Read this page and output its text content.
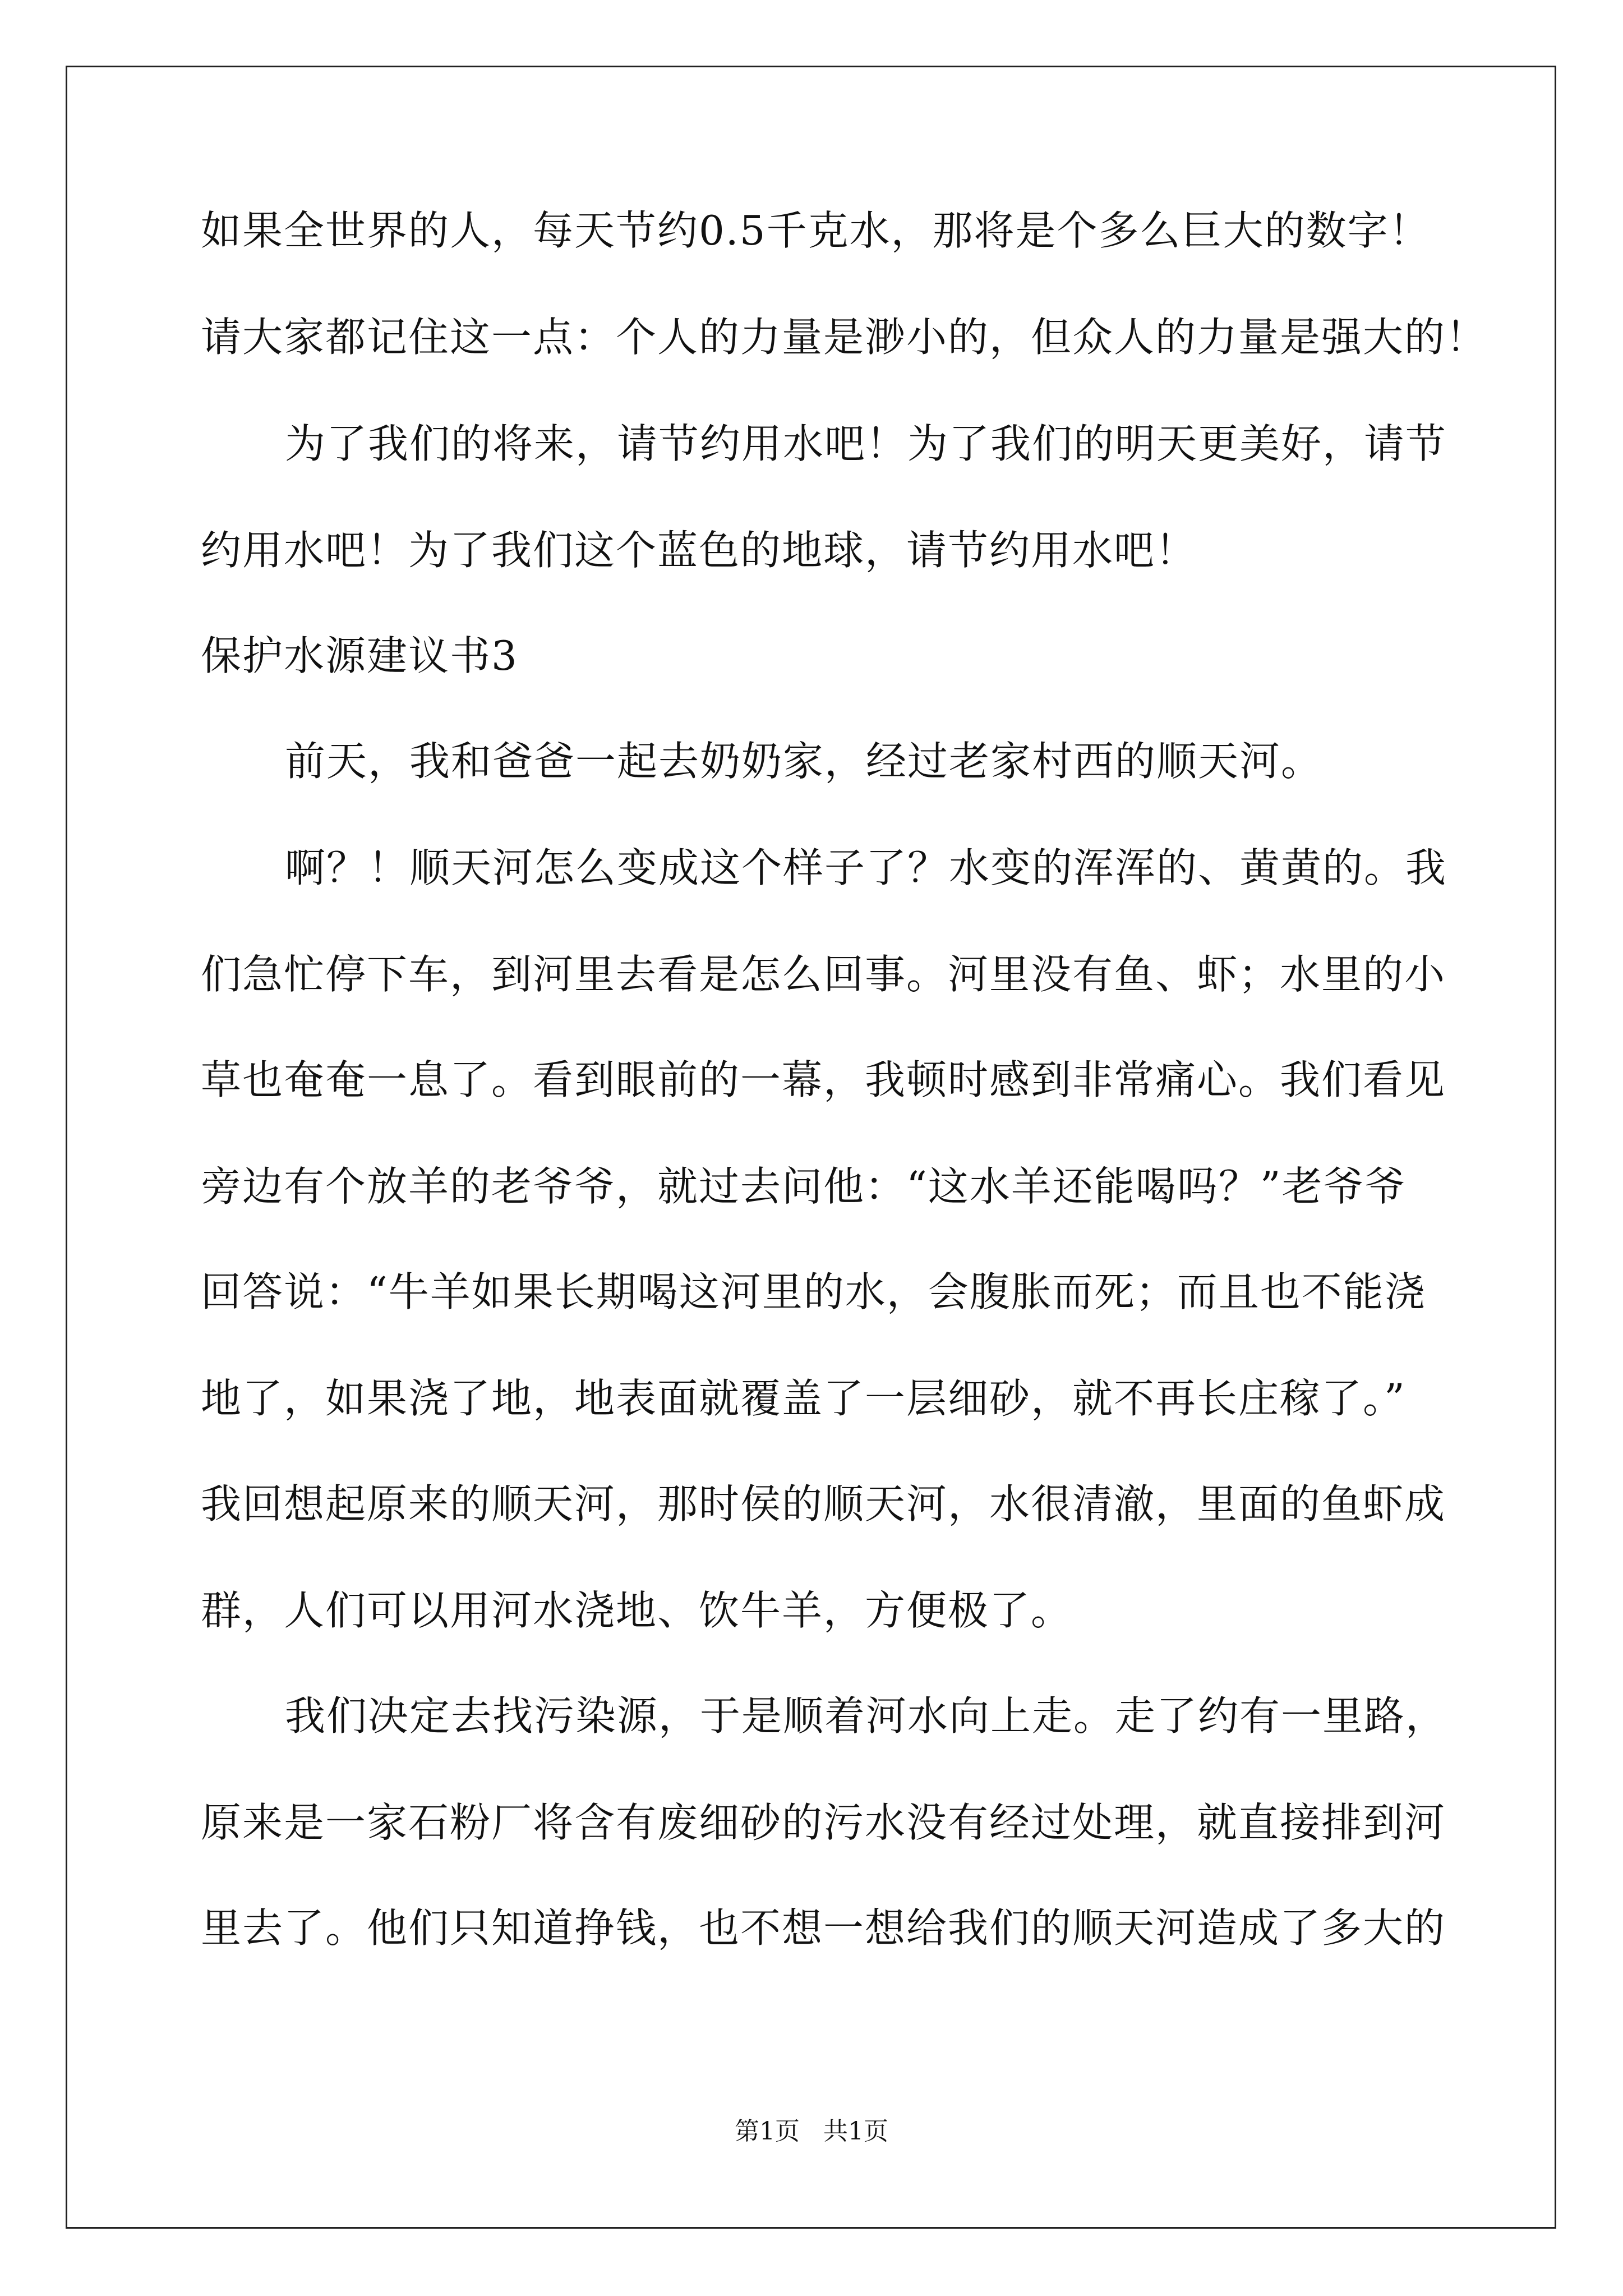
如果全世界的人，每天节约0.5千克水，那将是个多么巨大的数字！
请大家都记住这一点：个人的力量是渺小的，但众人的力量是强大的！
为了我们的将来，请节约用水吧！为了我们的明天更美好，请节
约用水吧！为了我们这个蓝色的地球，请节约用水吧！
保护水源建议书3
前天，我和爸爸一起去奶奶家，经过老家村西的顺天河。
啊？！顺天河怎么变成这个样子了？水变的浑浑的、黄黄的。我
们急忙停下车，到河里去看是怎么回事。河里没有鱼、虾；水里的小
草也奄奄一息了。看到眼前的一幕，我顿时感到非常痛心。我们看见
旁边有个放羊的老爷爷，就过去问他：“这水羊还能喝吗？”老爷爷
回答说：“牛羊如果长期喝这河里的水，会腹胀而死；而且也不能浇
地了，如果浇了地，地表面就覆盖了一层细砂，就不再长庄稼了。”
我回想起原来的顺天河，那时侯的顺天河，水很清澈，里面的鱼虾成
群，人们可以用河水浇地、饮牛羊，方便极了。
我们决定去找污染源，于是顺着河水向上走。走了约有一里路，
原来是一家石粉厂将含有废细砂的污水没有经过处理，就直接排到河
里去了。他们只知道挣钱，也不想一想给我们的顺天河造成了多大的
第1页   共1页
